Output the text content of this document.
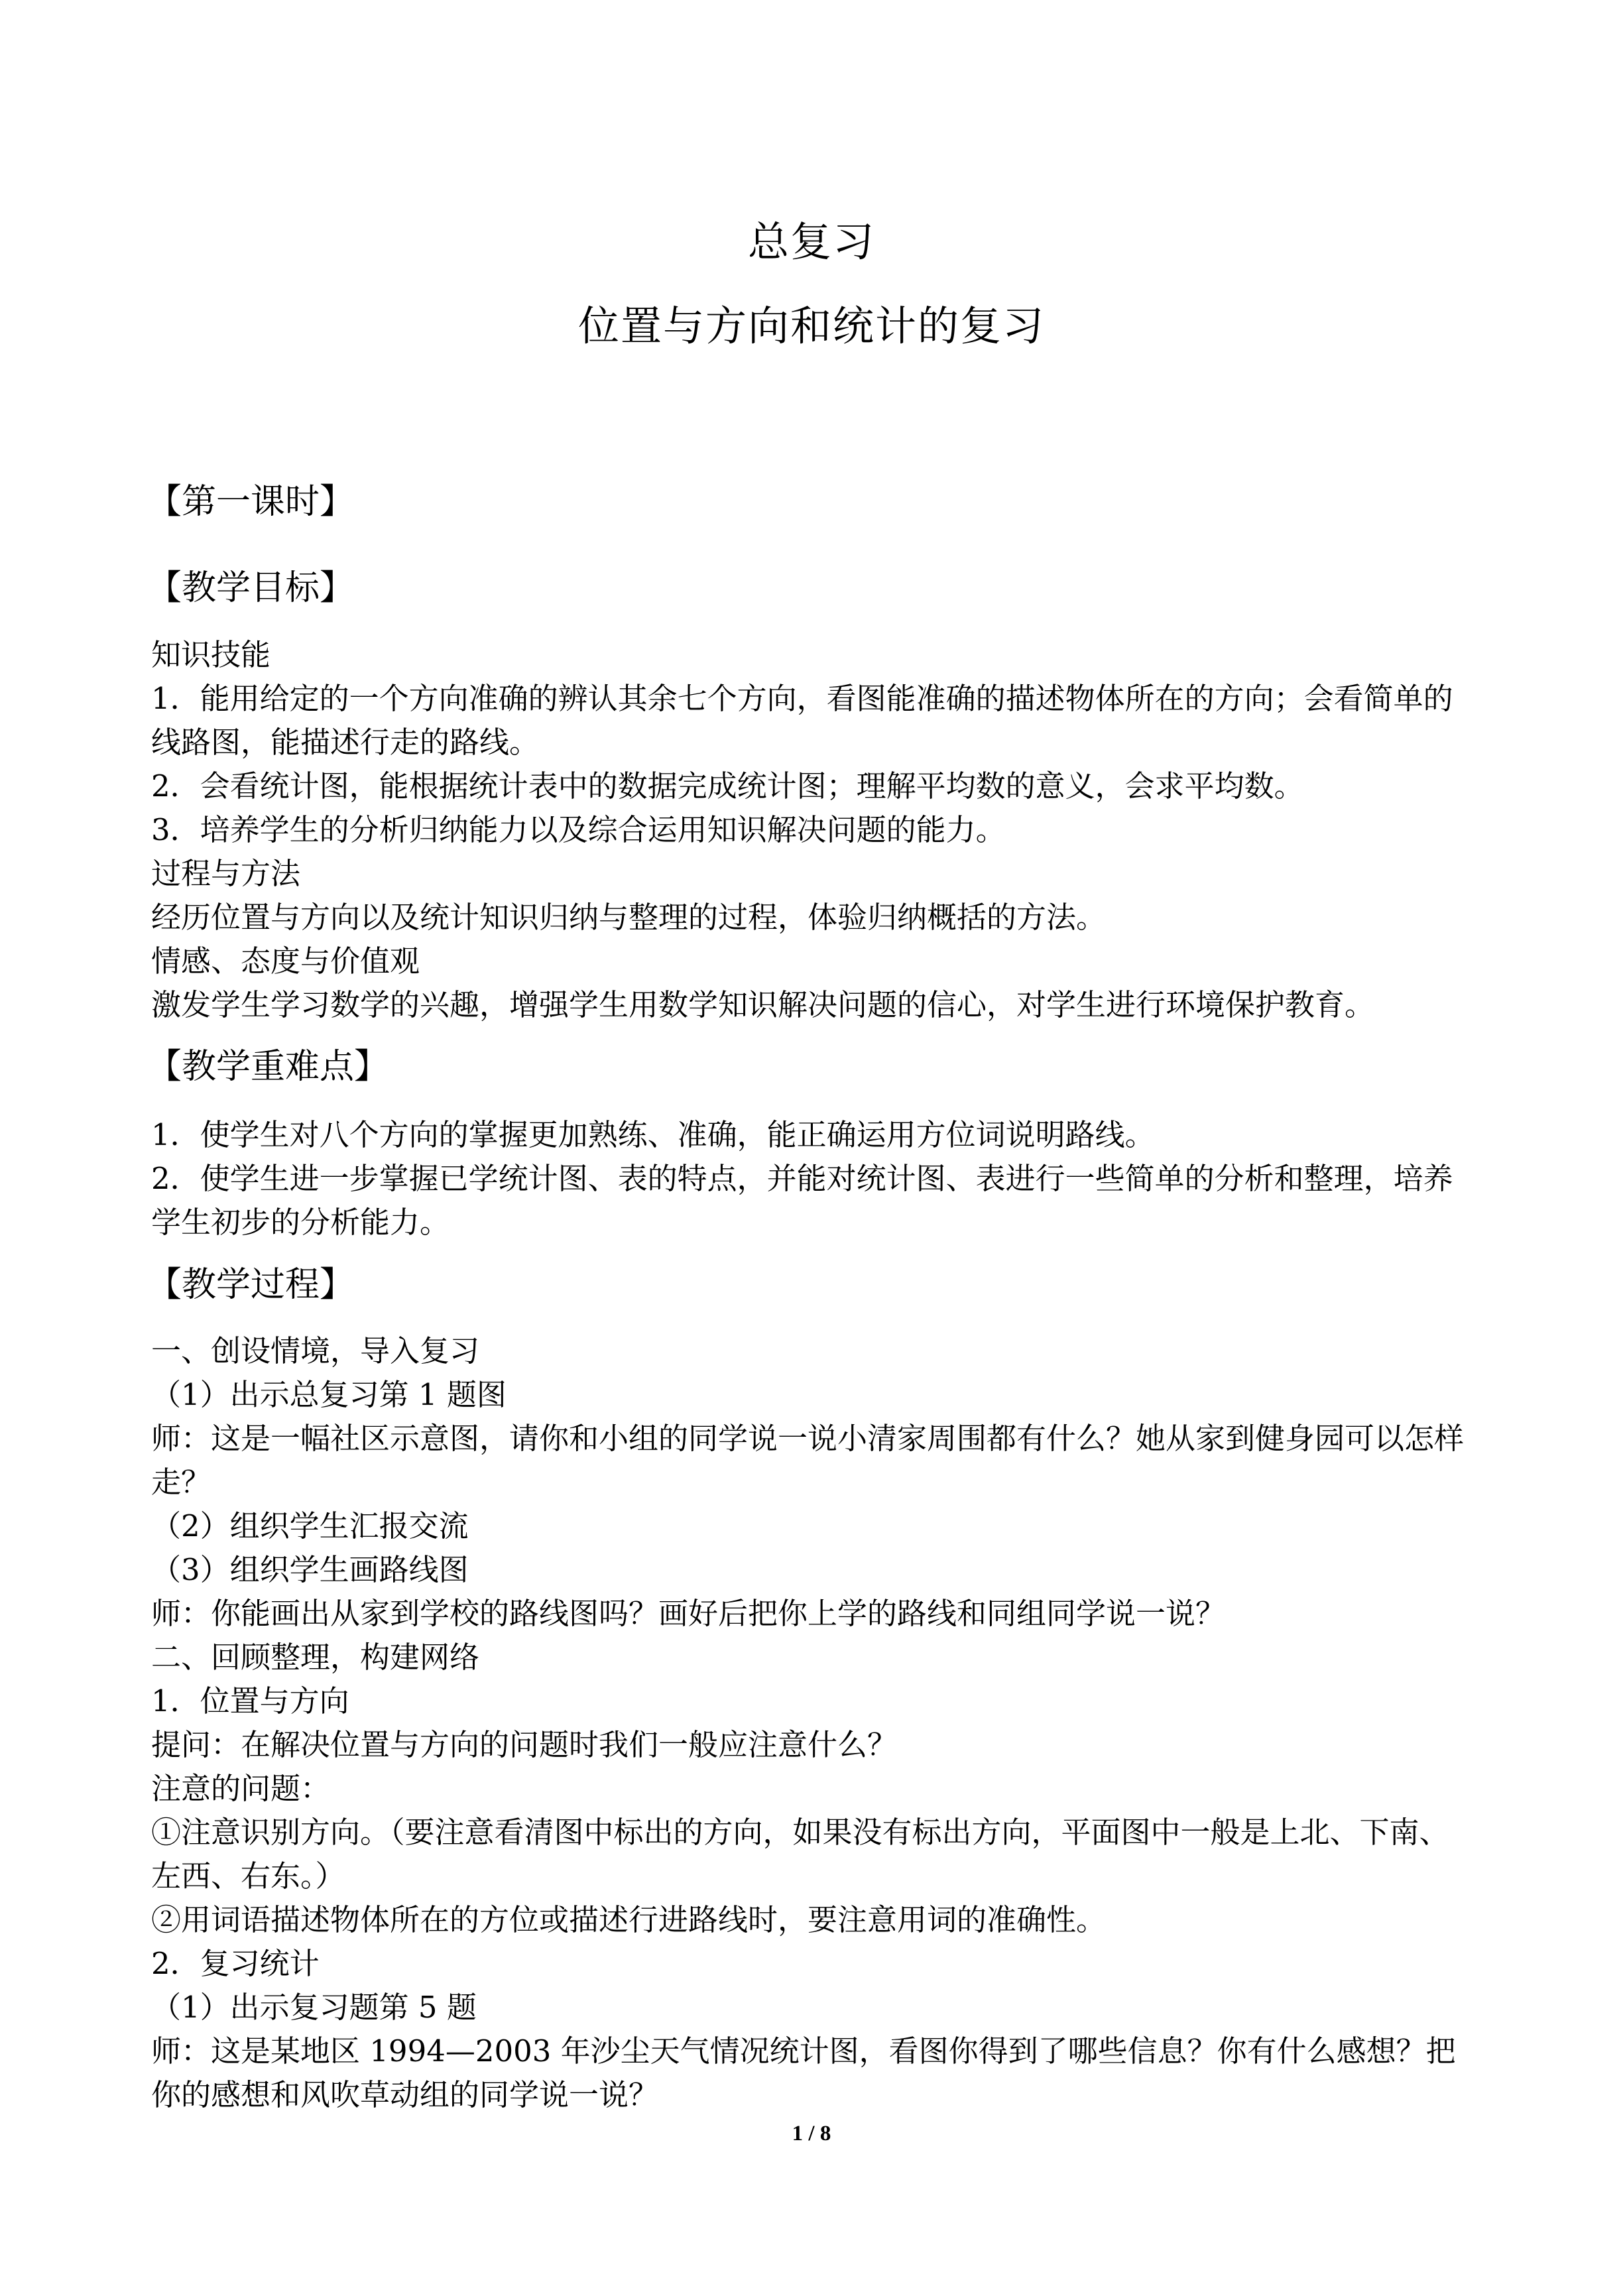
总复习
位置与方向和统计的复习
【第一课时】
【教学目标】

知识技能

1．能用给定的一个方向准确的辨认其余七个方向，看图能准确的描述物体所在的方向；会看简单的线路图，能描述行走的路线。

2．会看统计图，能根据统计表中的数据完成统计图；理解平均数的意义，会求平均数。

3．培养学生的分析归纳能力以及综合运用知识解决问题的能力。

过程与方法

经历位置与方向以及统计知识归纳与整理的过程，体验归纳概括的方法。

情感、态度与价值观

激发学生学习数学的兴趣，增强学生用数学知识解决问题的信心，对学生进行环境保护教育。

【教学重难点】

1．使学生对八个方向的掌握更加熟练、准确，能正确运用方位词说明路线。

2．使学生进一步掌握已学统计图、表的特点，并能对统计图、表进行一些简单的分析和整理，培养学生初步的分析能力。

【教学过程】

一、创设情境，导入复习

（1）出示总复习第 1 题图

师：这是一幅社区示意图，请你和小组的同学说一说小清家周围都有什么？她从家到健身园可以怎样走？

（2）组织学生汇报交流

（3）组织学生画路线图

师：你能画出从家到学校的路线图吗？画好后把你上学的路线和同组同学说一说？

二、回顾整理，构建网络

1．位置与方向

提问：在解决位置与方向的问题时我们一般应注意什么？

注意的问题：

①注意识别方向。（要注意看清图中标出的方向，如果没有标出方向，平面图中一般是上北、下南、左西、右东。）

②用词语描述物体所在的方位或描述行进路线时，要注意用词的准确性。

2．复习统计

（1）出示复习题第 5 题

师：这是某地区 1994—2003 年沙尘天气情况统计图，看图你得到了哪些信息？你有什么感想？把你的感想和风吹草动组的同学说一说？

1 / 8
